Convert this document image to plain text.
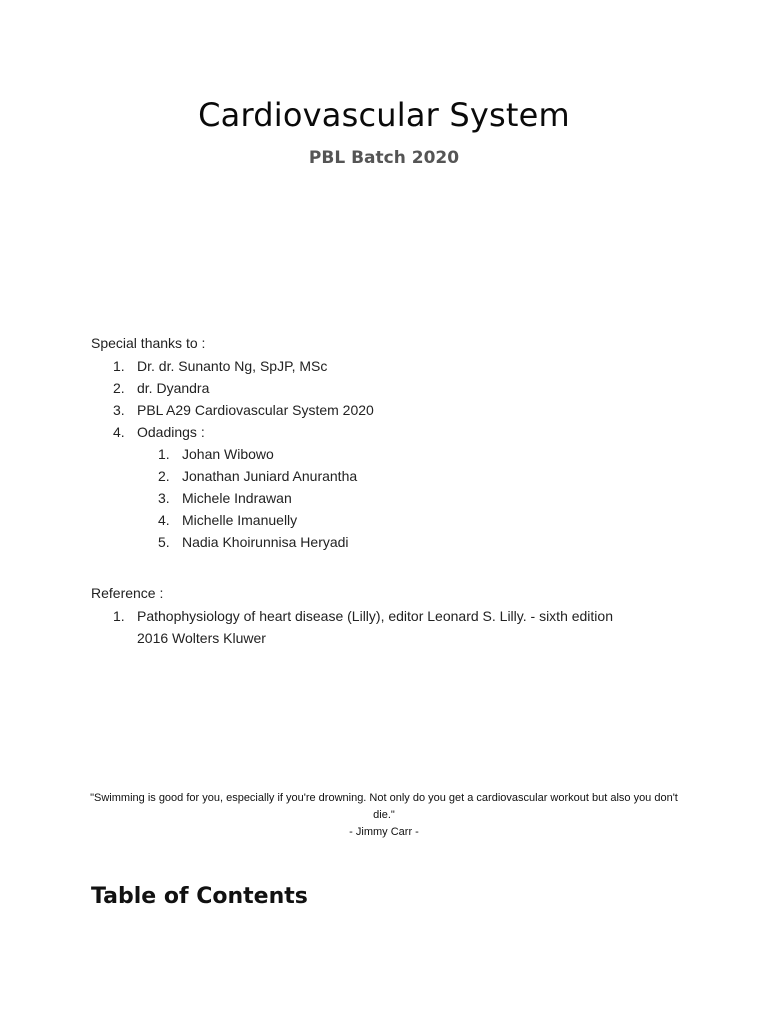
Cardiovascular System
PBL Batch 2020
Special thanks to :
1. Dr. dr. Sunanto Ng, SpJP, MSc
2. dr. Dyandra
3. PBL A29 Cardiovascular System 2020
4. Odadings :
1. Johan Wibowo
2. Jonathan Juniard Anurantha
3. Michele Indrawan
4. Michelle Imanuelly
5. Nadia Khoirunnisa Heryadi
Reference :
1. Pathophysiology of heart disease (Lilly), editor Leonard S. Lilly. - sixth edition 2016 Wolters Kluwer
"Swimming is good for you, especially if you're drowning. Not only do you get a cardiovascular workout but also you don't die."
- Jimmy Carr -
Table of Contents
